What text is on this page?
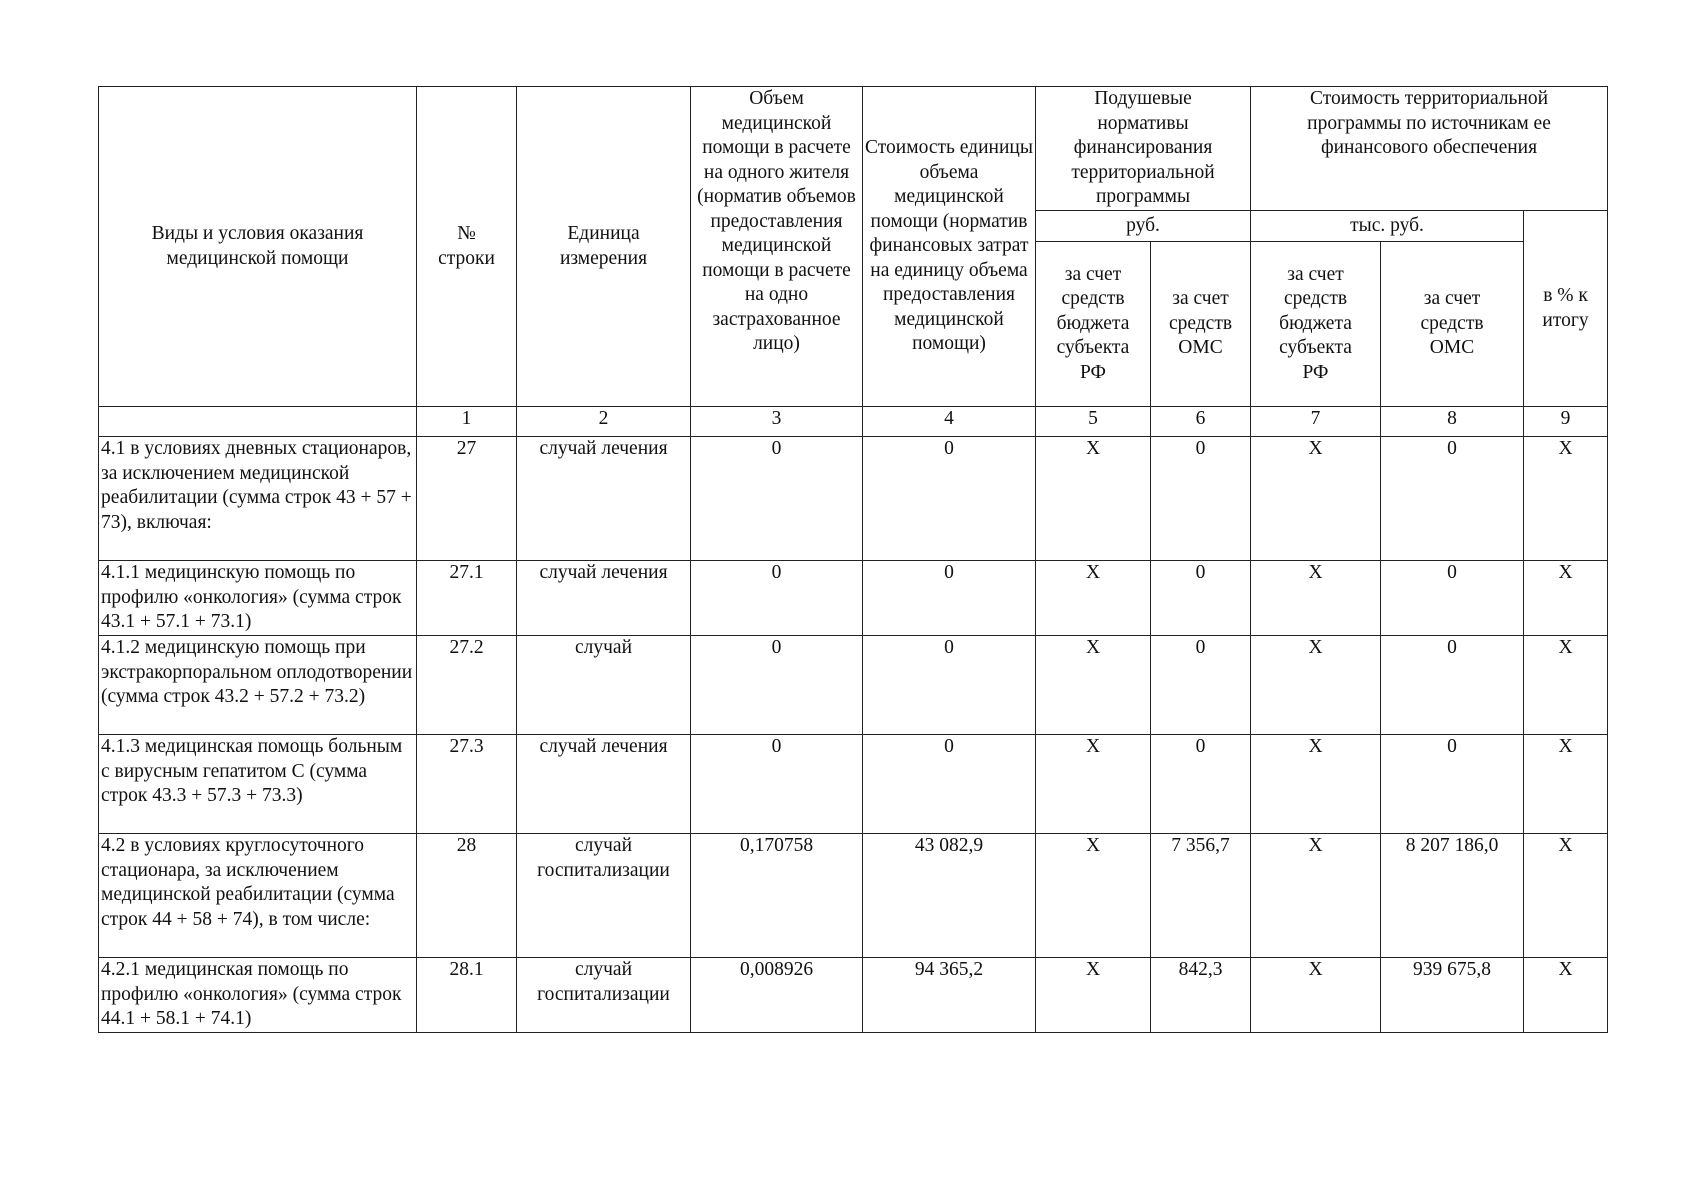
Виды и условия оказания медицинской помощи	№ строки	Единица измерения	Объем медицинской помощи в расчете на одного жителя (норматив объемов предоставления медицинской помощи в расчете на одно застрахованное лицо)	Стоимость единицы объема медицинской помощи (норматив финансовых затрат на единицу объема предоставления медицинской помощи)	Подушевые нормативы финансирования территориальной программы		Стоимость территориальной программы по источникам ее финансового обеспечения		
					руб.		тыс. руб.		в % к итогу
					за счет средств бюджета субъекта РФ	за счет средств ОМС	за счет средств бюджета субъекта РФ	за счет средств ОМС	
	1	2	3	4	5	6	7	8	9
4.1 в условиях дневных стационаров, за исключением медицинской реабилитации (сумма строк 43 + 57 + 73), включая:	27	случай лечения	0	0	Х	0	Х	0	Х
4.1.1 медицинскую помощь по профилю «онкология» (сумма строк 43.1 + 57.1 + 73.1)	27.1	случай лечения	0	0	Х	0	Х	0	Х
4.1.2 медицинскую помощь при экстракорпоральном оплодотворении (сумма строк 43.2 + 57.2 + 73.2)	27.2	случай	0	0	Х	0	Х	0	Х
4.1.3 медицинская помощь больным с вирусным гепатитом С (сумма строк 43.3 + 57.3 + 73.3)	27.3	случай лечения	0	0	Х	0	Х	0	Х
4.2 в условиях круглосуточного стационара, за исключением медицинской реабилитации (сумма строк 44 + 58 + 74), в том числе:	28	случай госпитализации	0,170758	43 082,9	Х	7 356,7	Х	8 207 186,0	Х
4.2.1 медицинская помощь по профилю «онкология» (сумма строк 44.1 + 58.1 + 74.1)	28.1	случай госпитализации	0,008926	94 365,2	Х	842,3	Х	939 675,8	Х
